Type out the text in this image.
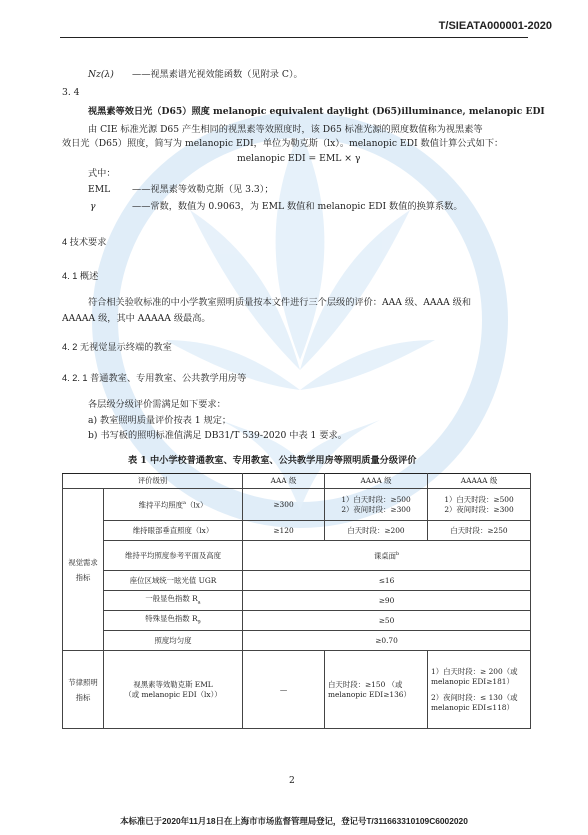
T/SIEATA000001-2020
Nz(λ) ——视黑素谱光视效能函数（见附录 C）。
3. 4
视黑素等效日光（D65）照度 melanopic equivalent daylight (D65)illuminance, melanopic EDI
由 CIE 标准光源 D65 产生相同的视黑素等效照度时，该 D65 标准光源的照度数值称为视黑素等
效日光（D65）照度，简写为 melanopic EDI，单位为勒克斯（lx）。melanopic EDI 数值计算公式如下：
melanopic EDI = EML × γ
式中：
EML ——视黑素等效勒克斯（见 3.3）；
γ	——常数，数值为 0.9063，为 EML 数值和 melanopic EDI 数值的换算系数。
4 技术要求
4. 1 概述
符合相关验收标准的中小学教室照明质量按本文件进行三个层级的评价：AAA 级、AAAA 级和
AAAAA 级，其中 AAAAA 级最高。
4. 2 无视觉显示终端的教室
4. 2. 1 普通教室、专用教室、公共教学用房等
各层级分级评价需满足如下要求：
a) 教室照明质量评价按表 1 规定；
b) 书写板的照明标准值满足 DB31/T 539-2020 中表 1 要求。
表 1 中小学校普通教室、专用教室、公共教学用房等照明质量分级评价
评价级别		AAA 级	AAAA 级	AAAAA 级
视觉需求指标	维持平均照度$^a$（lx）	≥300	1）白天时段：≥500
2）夜间时段：≥300	1）白天时段：≥500
2）夜间时段：≥300

	维持眼部垂直照度（lx）	≥120	白天时段：≥200	白天时段：≥250
	维持平均照度参考平面及高度	课桌面$^b$
	座位区域统一眩光值 UGR	≤16		
	一般显色指数 $R_a$	≥90		
	特殊显色指数 $R_9$	≥50		
	照度均匀度	≥0.70		
节律照明指标	视黑素等效勒克斯 EML
（或 melanopic EDI（lx））	—	白天时段：≥150 （或
melanopic EDI≥136）	1）白天时段：≥ 200（或
melanopic EDI≥181）
2）夜间时段：≤ 130（或
melanopic EDI≤118）
2
本标准已于2020年11月18日在上海市市场监督管理局登记，登记号T/311663310109C6002020
